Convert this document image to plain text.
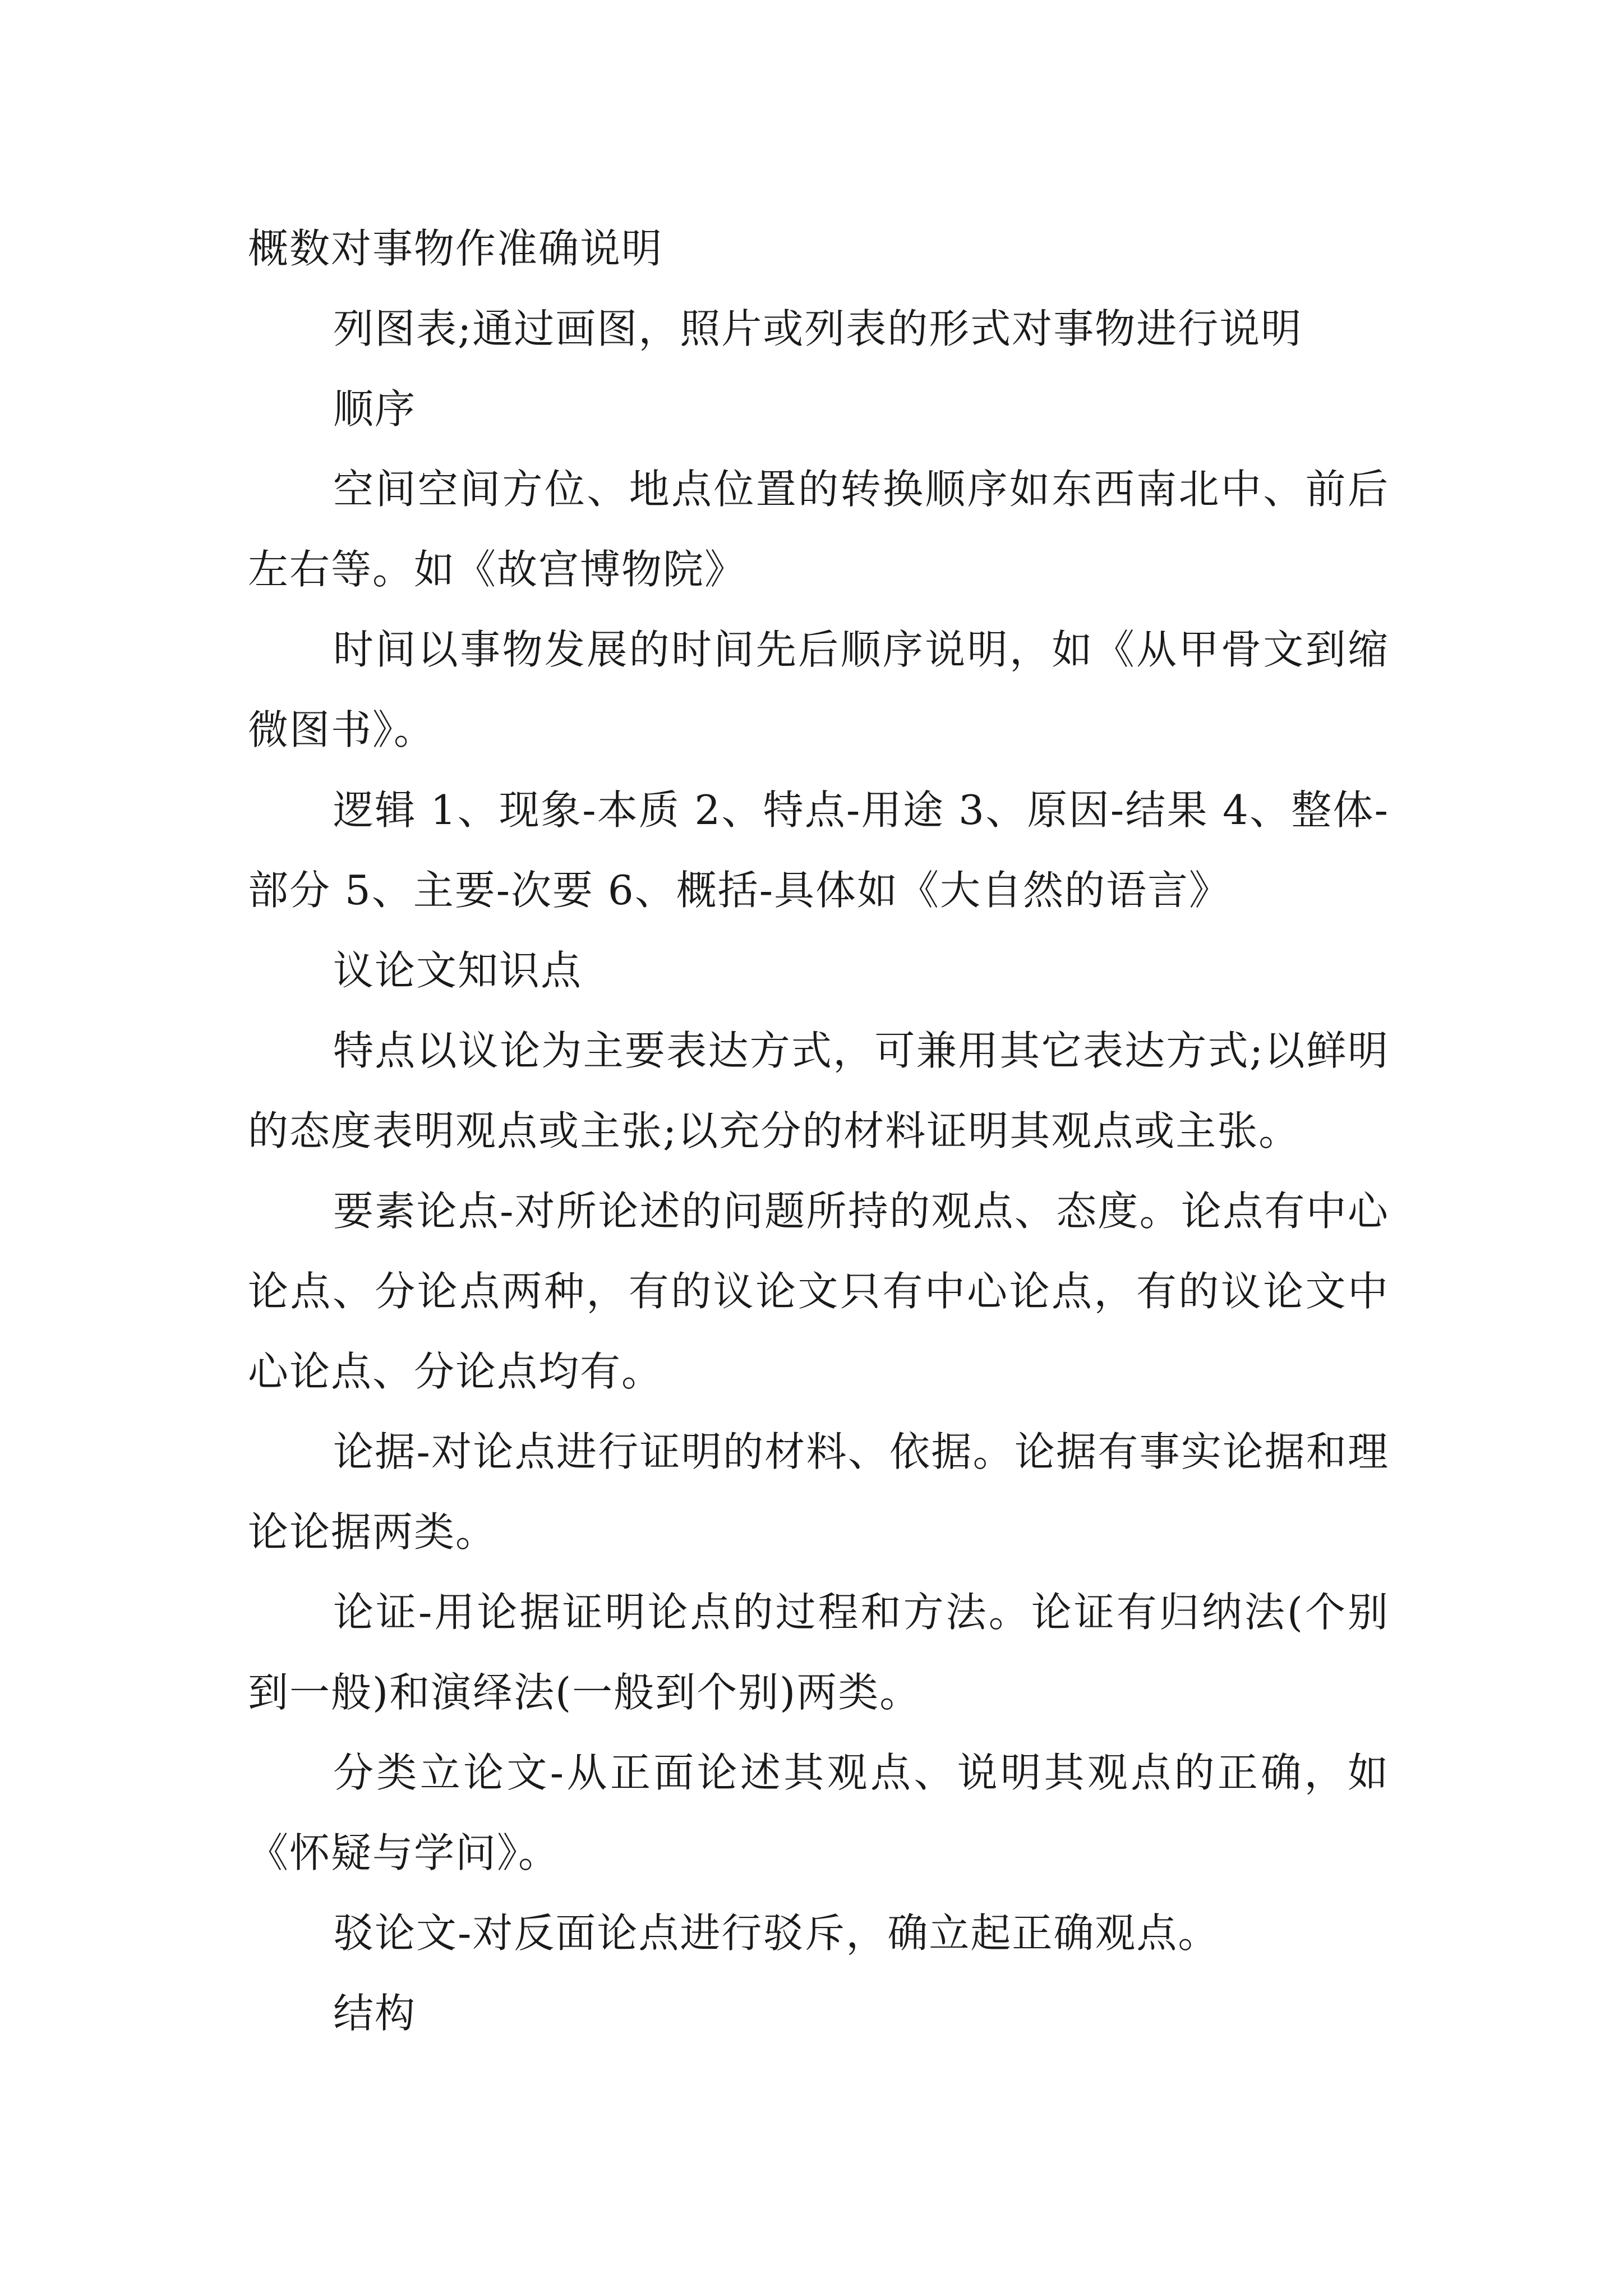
概数对事物作准确说明

列图表;通过画图，照片或列表的形式对事物进行说明

顺序

空间空间方位、地点位置的转换顺序如东西南北中、前后左右等。如《故宫博物院》

时间以事物发展的时间先后顺序说明，如《从甲骨文到缩微图书》。

逻辑 1、现象-本质 2、特点-用途 3、原因-结果 4、整体-部分 5、主要-次要 6、概括-具体如《大自然的语言》

议论文知识点

特点以议论为主要表达方式，可兼用其它表达方式;以鲜明的态度表明观点或主张;以充分的材料证明其观点或主张。

要素论点-对所论述的问题所持的观点、态度。论点有中心论点、分论点两种，有的议论文只有中心论点，有的议论文中心论点、分论点均有。

论据-对论点进行证明的材料、依据。论据有事实论据和理论论据两类。

论证-用论据证明论点的过程和方法。论证有归纳法(个别到一般)和演绎法(一般到个别)两类。

分类立论文-从正面论述其观点、说明其观点的正确，如《怀疑与学问》。

驳论文-对反面论点进行驳斥，确立起正确观点。

结构
